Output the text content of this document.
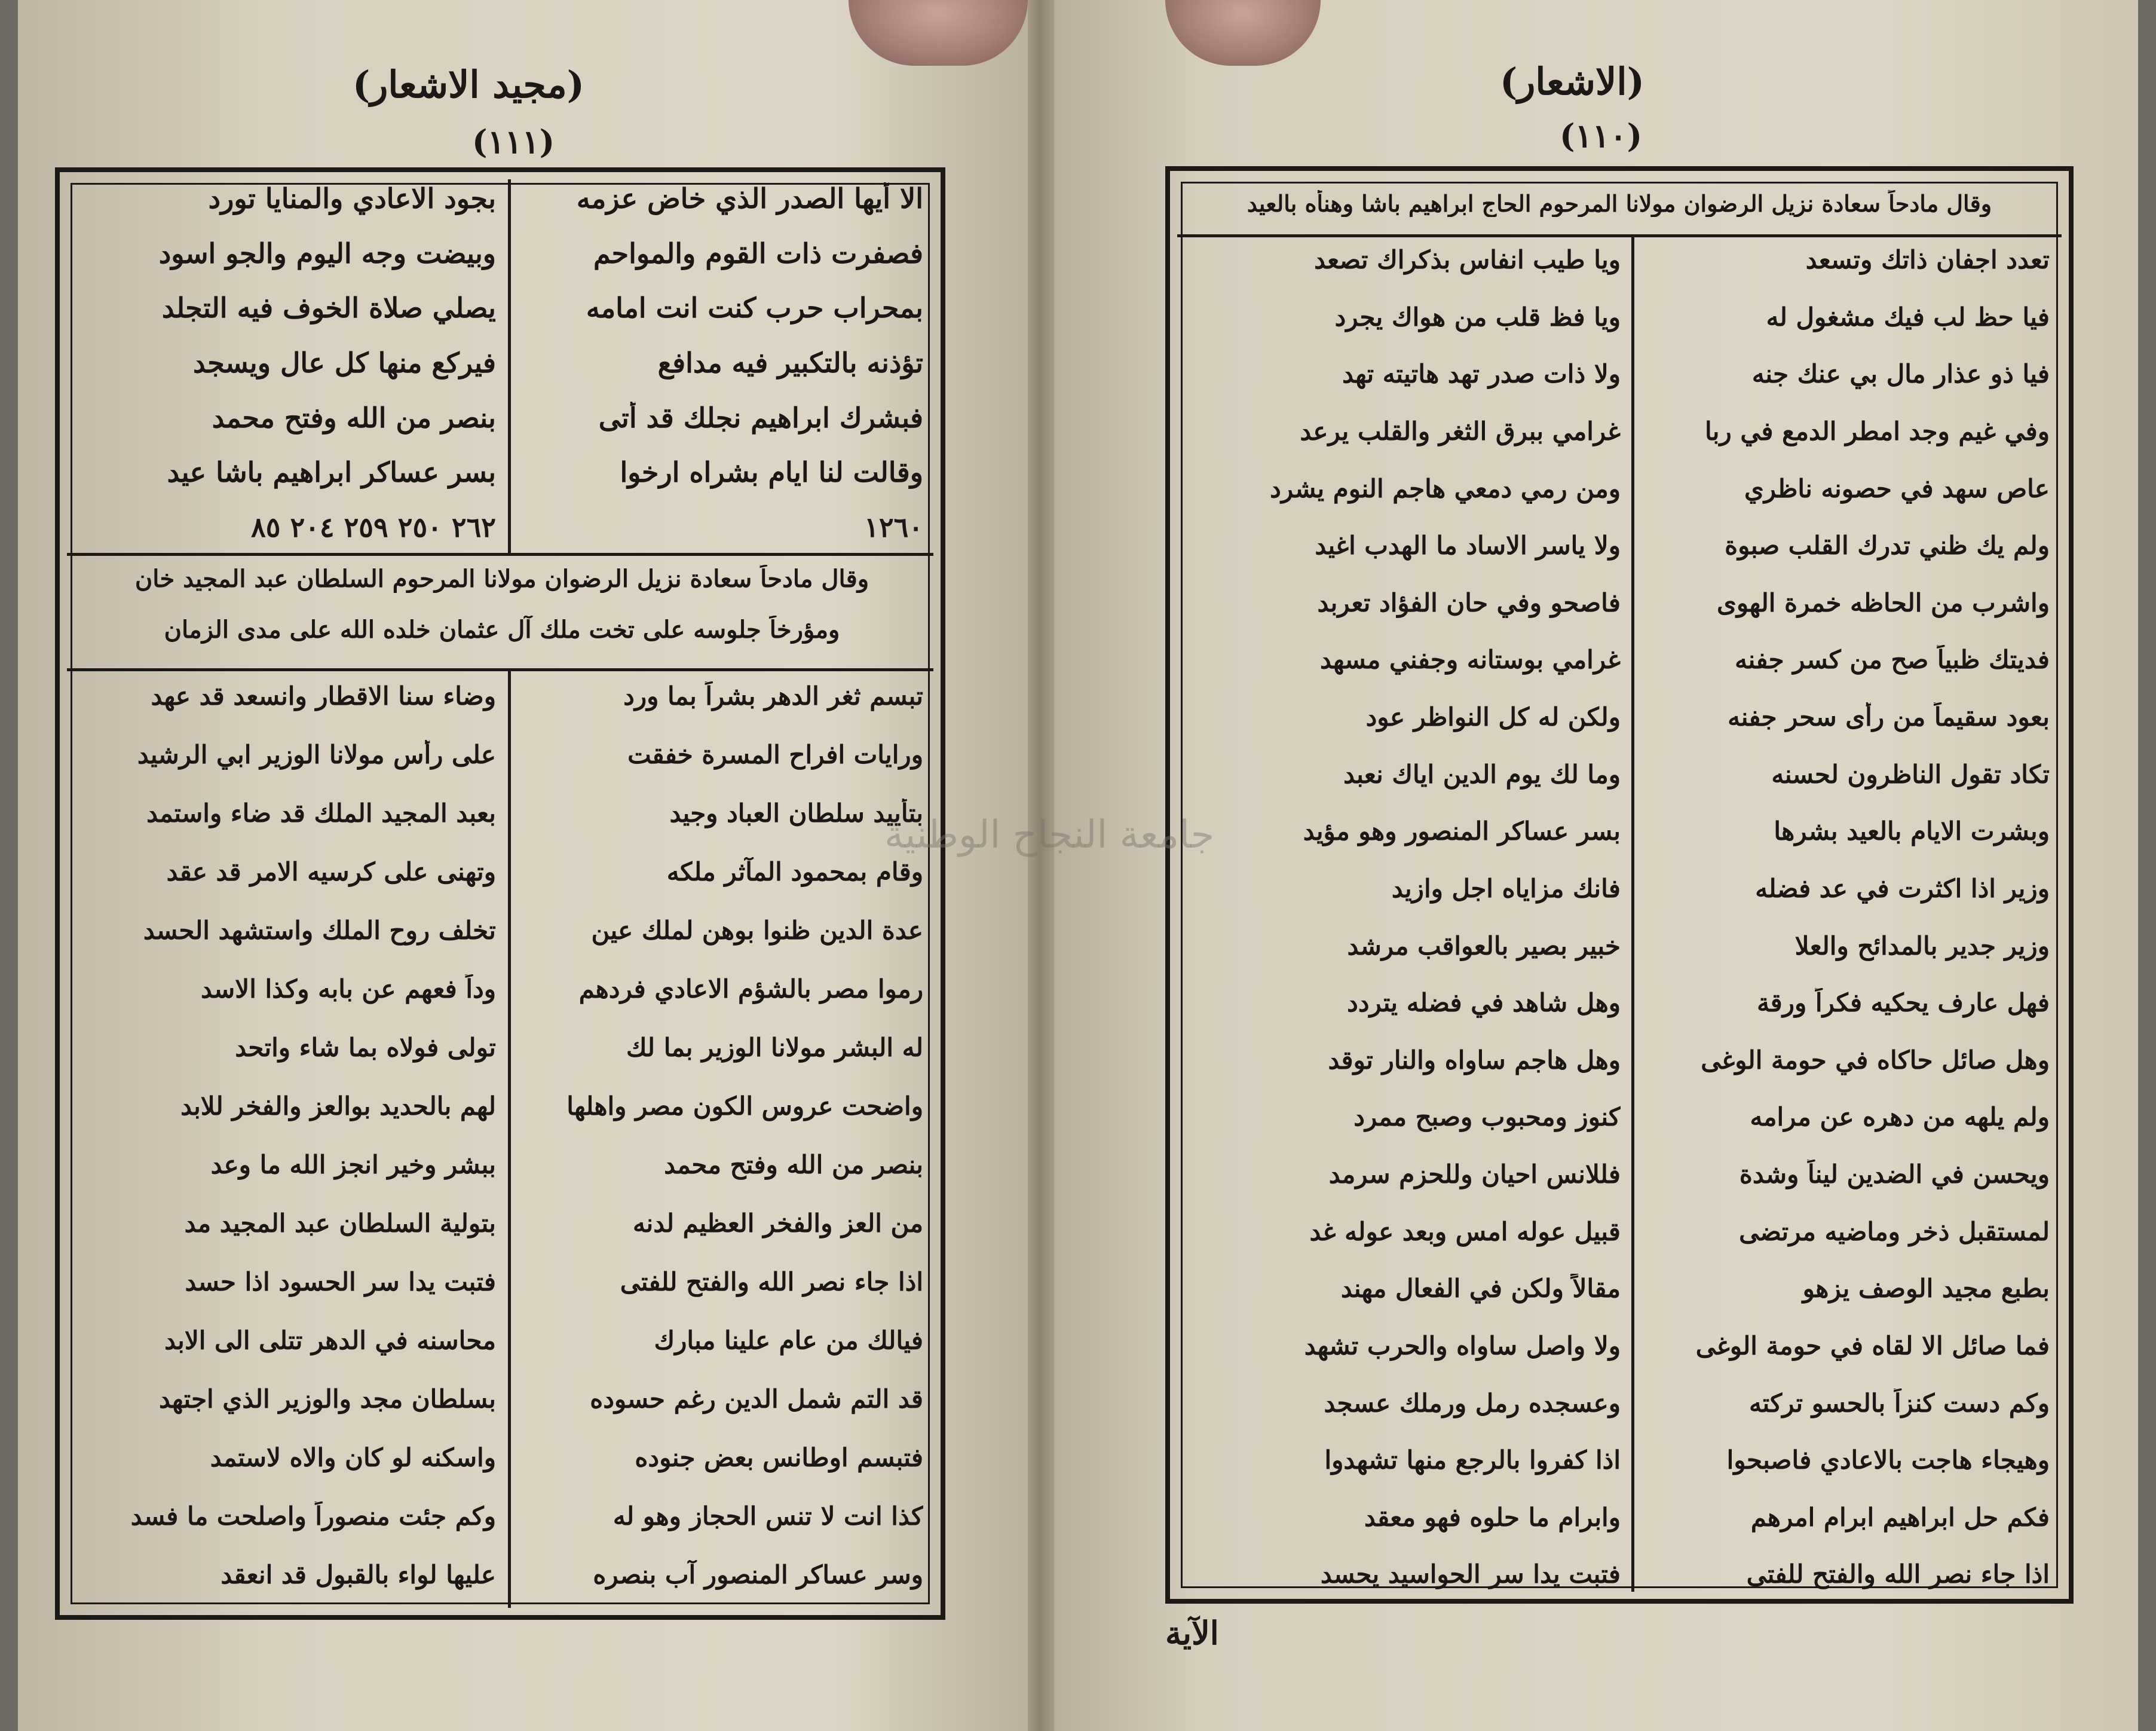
(مجيد الاشعار)
(١١١)
الا أيها الصدر الذي خاض عزمه
فصفرت ذات القوم والمواحم
بمحراب حرب كنت انت امامه
تؤذنه بالتكبير فيه مدافع
فبشرك ابراهيم نجلك قد أتى
وقالت لنا ايام بشراه ارخوا
١٢٦٠
بجود الاعادي والمنايا تورد
وبيضت وجه اليوم والجو اسود
يصلي صلاة الخوف فيه التجلد
فيركع منها كل عال ويسجد
بنصر من الله وفتح محمد
بسر عساكر ابراهيم باشا عيد
٢٦٢ ٢٥٠ ٢٥٩ ٢٠٤ ٨٥
وقال مادحاً سعادة نزيل الرضوان مولانا المرحوم السلطان عبد المجيد خان
ومؤرخاً جلوسه على تخت ملك آل عثمان خلده الله على مدى الزمان
تبسم ثغر الدهر بشراً بما ورد
ورايات افراح المسرة خفقت
بتأييد سلطان العباد وجيد
وقام بمحمود المآثر ملكه
عدة الدين ظنوا بوهن لملك عين
رموا مصر بالشؤم الاعادي فردهم
له البشر مولانا الوزير بما لك
واضحت عروس الكون مصر واهلها
بنصر من الله وفتح محمد
من العز والفخر العظيم لدنه
اذا جاء نصر الله والفتح للفتى
فيالك من عام علينا مبارك
قد التم شمل الدين رغم حسوده
فتبسم اوطانس بعض جنوده
كذا انت لا تنس الحجاز وهو له
وسر عساكر المنصور آب بنصره
وضاء سنا الاقطار وانسعد قد عهد
على رأس مولانا الوزير ابي الرشيد
بعبد المجيد الملك قد ضاء واستمد
وتهنى على كرسيه الامر قد عقد
تخلف روح الملك واستشهد الحسد
وداً فعهم عن بابه وكذا الاسد
تولى فولاه بما شاء واتحد
لهم بالحديد بوالعز والفخر للابد
ببشر وخير انجز الله ما وعد
بتولية السلطان عبد المجيد مد
فتبت يدا سر الحسود اذا حسد
محاسنه في الدهر تتلى الى الابد
بسلطان مجد والوزير الذي اجتهد
واسكنه لو كان والاه لاستمد
وكم جئت منصوراً واصلحت ما فسد
عليها لواء بالقبول قد انعقد
(الاشعار)
(١١٠)
وقال مادحاً سعادة نزيل الرضوان مولانا المرحوم الحاج ابراهيم باشا وهنأه بالعيد
تعدد اجفان ذاتك وتسعد
فيا حظ لب فيك مشغول له
فيا ذو عذار مال بي عنك جنه
وفي غيم وجد امطر الدمع في ربا
عاص سهد في حصونه ناظري
ولم يك ظني تدرك القلب صبوة
واشرب من الحاظه خمرة الهوى
فديتك ظبياً صح من كسر جفنه
بعود سقيماً من رأى سحر جفنه
تكاد تقول الناظرون لحسنه
وبشرت الايام بالعيد بشرها
وزير اذا اكثرت في عد فضله
وزير جدير بالمدائح والعلا
فهل عارف يحكيه فكراً ورقة
وهل صائل حاكاه في حومة الوغى
ولم يلهه من دهره عن مرامه
ويحسن في الضدين ليناً وشدة
لمستقبل ذخر وماضيه مرتضى
بطبع مجيد الوصف يزهو
فما صائل الا لقاه في حومة الوغى
وكم دست كنزاً بالحسو تركته
وهيجاء هاجت بالاعادي فاصبحوا
فكم حل ابراهيم ابرام امرهم
اذا جاء نصر الله والفتح للفتى
ويا طيب انفاس بذكراك تصعد
ويا فظ قلب من هواك يجرد
ولا ذات صدر تهد هاتيته تهد
غرامي ببرق الثغر والقلب يرعد
ومن رمي دمعي هاجم النوم يشرد
ولا ياسر الاساد ما الهدب اغيد
فاصحو وفي حان الفؤاد تعربد
غرامي بوستانه وجفني مسهد
ولكن له كل النواظر عود
وما لك يوم الدين اياك نعبد
بسر عساكر المنصور وهو مؤيد
فانك مزاياه اجل وازيد
خبير بصير بالعواقب مرشد
وهل شاهد في فضله يتردد
وهل هاجم ساواه والنار توقد
كنوز ومحبوب وصبح ممرد
فللانس احيان وللحزم سرمد
قبيل عوله امس وبعد عوله غد
مقالاً ولكن في الفعال مهند
ولا واصل ساواه والحرب تشهد
وعسجده رمل ورملك عسجد
اذا كفروا بالرجع منها تشهدوا
وابرام ما حلوه فهو معقد
فتبت يدا سر الحواسيد يحسد
الآية
جامعة النجاح الوطنية
